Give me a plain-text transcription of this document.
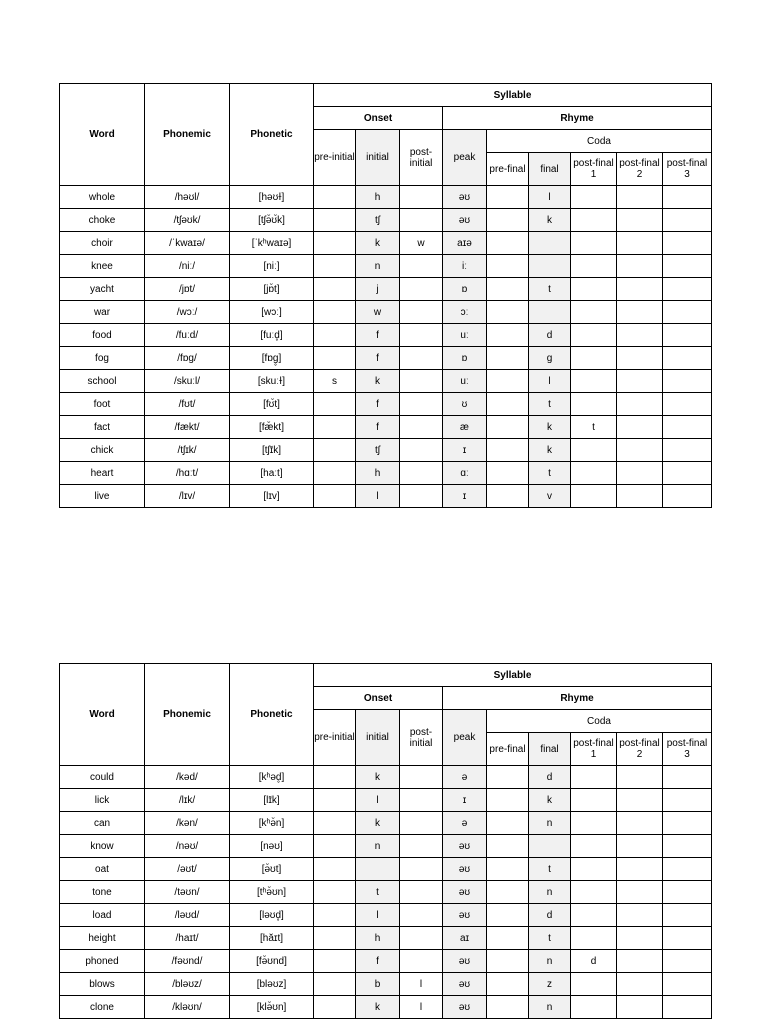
Word	Phonemic	Phonetic	Syllable								
			Onset			Rhyme					
			pre-initial	initial	post-initial	peak	Coda				
							pre-final	final	post-final 1	post-final 2	post-final 3
whole	/həʊl/	[həʊɫ]		h		əʊ		l			
choke	/tʃəʊk/	[tʃə̆ʊ̆k]		tʃ		əʊ		k			
choir	/ˈkwaɪə/	[ˈkʰwaɪə]		k	w	aɪə					
knee	/niː/	[niː]		n		iː					
yacht	/jɒt/	[jɒ̆t]		j		ɒ		t			
war	/wɔː/	[wɔː]		w		ɔː					
food	/fuːd/	[fuːd̥]		f		uː		d			
fog	/fɒg/	[fɒg̥]		f		ɒ		g			
school	/skuːl/	[skuːɫ]	s	k		uː		l			
foot	/fʊt/	[fʊ̆t]		f		ʊ		t			
fact	/fækt/	[fæ̆kt]		f		æ		k	t		
chick	/tʃɪk/	[tʃɪ̆k]		tʃ		ɪ		k			
heart	/hɑːt/	[haːt]		h		ɑː		t			
live	/lɪv/	[lɪv]		l		ɪ		v			
Word	Phonemic	Phonetic	Syllable								
			Onset			Rhyme					
			pre-initial	initial	post-initial	peak	Coda				
							pre-final	final	post-final 1	post-final 2	post-final 3
could	/kəd/	[kʰəd̥]		k		ə		d			
lick	/lɪk/	[lɪ̆k]		l		ɪ		k			
can	/kən/	[kʰə̆n]		k		ə		n			
know	/nəʊ/	[nəʊ]		n		əʊ					
oat	/əʊt/	[ə̆ʊt]				əʊ		t			
tone	/təʊn/	[tʰə̆ʊn]		t		əʊ		n			
load	/ləʊd/	[ləʊd̥]		l		əʊ		d			
height	/haɪt/	[hăɪt]		h		aɪ		t			
phoned	/fəʊnd/	[fə̆ʊnd]		f		əʊ		n	d		
blows	/bləʊz/	[bləʊz]		b	l	əʊ		z			
clone	/kləʊn/	[klə̆ʊn]		k	l	əʊ		n			
